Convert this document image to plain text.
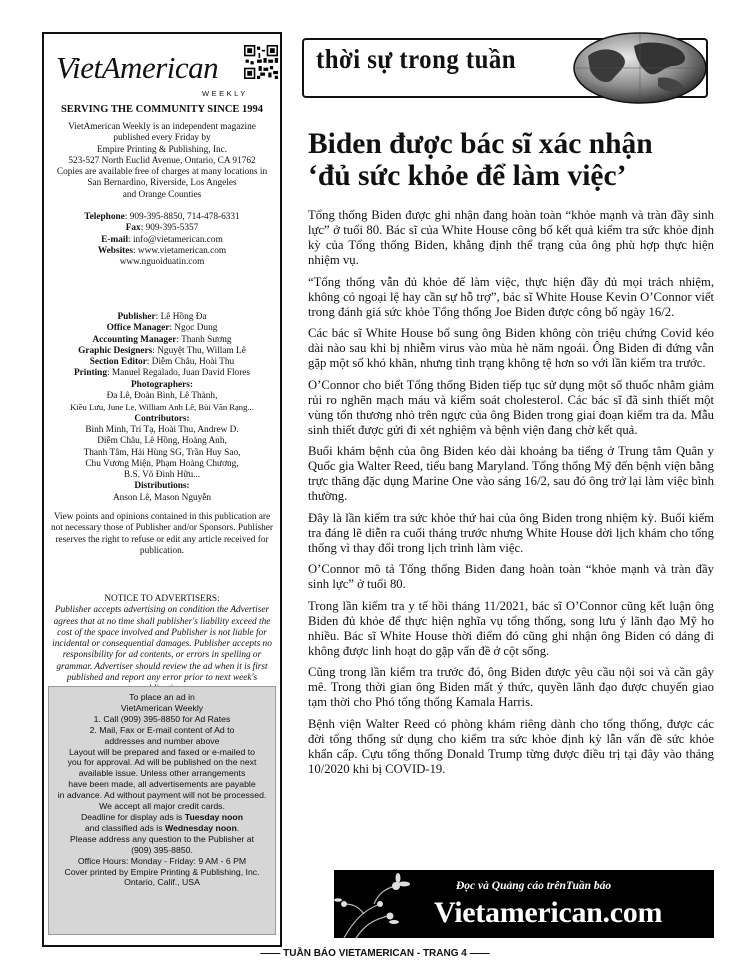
VietAmerican
WEEKLY
SERVING THE COMMUNITY SINCE 1994
VietAmerican Weekly is an independent magazine
published every Friday by
Empire Printing & Publishing, Inc.
523-527 North Euclid Avenue, Ontario, CA 91762
Copies are available free of charges at many locations in
San Bernardino, Riverside, Los Angeles
and Orange Counties
Telephone: 909-395-8850, 714-478-6331
Fax: 909-395-5357
E-mail: info@vietamerican.com
Websites: www.vietamerican.com
www.nguoiduatin.com
Publisher: Lê Hồng Đa
Office Manager: Ngọc Dung
Accounting Manager: Thanh Sương
Graphic Designers: Nguyệt Thu, Willam Lê
Section Editor: Diễm Châu, Hoài Thu
Printing: Manuel Regalado, Juan David Flores
Photographers:
Đa Lê, Đoàn Bình, Lê Thành,
Kiều Lưu, June Le, William Anh Lê, Bùi Văn Rạng...
Contributors:
Bình Minh, Trí Tạ, Hoài Thu, Andrew D.
Diễm Châu, Lê Hồng, Hoàng Anh,
Thanh Tâm, Hải Hùng SG, Trần Huy Sao,
Chu Vương Miện, Phạm Hoàng Chương,
B.S. Võ Đình Hữu...
Distributions:
Anson Lê, Mason Nguyễn
View points and opinions contained in this publication are not necessary those of Publisher and/or Sponsors. Publisher reserves the right to refuse or edit any article received for publication.
NOTICE TO ADVERTISERS:
Publisher accepts advertising on condition the Advertiser agrees that at no time shall publisher's liability exceed the cost of the space involved and Publisher is not liable for incidental or consequential damages. Publisher accepts no responsibility for ad contents, or errors in spelling or grammar. Advertiser should review the ad when it is first published and report any error prior to next week's
To place an ad in
VietAmerican Weekly
1. Call (909) 395-8850 for Ad Rates
2. Mail, Fax or E-mail content of Ad to
addresses and number above
Layout will be prepared and faxed or e-mailed to
you for approval. Ad will be published on the next
available issue. Unless other arrangements
have been made, all advertisements are payable
in advance. Ad without payment will not be processed.
We accept all major credit cards.
Deadline for display ads is Tuesday noon
and classified ads is Wednesday noon.
Please address any question to the Publisher at
(909) 395-8850.
Office Hours: Monday - Friday: 9 AM - 6 PM
Cover printed by Empire Printing & Publishing, Inc.
Ontario, Calif., USA
thời sự trong tuần
Biden được bác sĩ xác nhận
‘đủ sức khỏe để làm việc’

Tổng thống Biden được ghi nhận đang hoàn toàn “khỏe mạnh và tràn đầy sinh lực” ở tuổi 80. Bác sĩ của White House công bố kết quả kiểm tra sức khỏe định kỳ của Tổng thống Biden, khẳng định thể trạng của ông phù hợp thực hiện nhiệm vụ.

“Tổng thống vẫn đủ khỏe để làm việc, thực hiện đầy đủ mọi trách nhiệm, không có ngoại lệ hay cần sự hỗ trợ”, bác sĩ White House Kevin O’Connor viết trong đánh giá sức khỏe Tổng thống Joe Biden được công bố ngày 16/2.

Các bác sĩ White House bổ sung ông Biden không còn triệu chứng Covid kéo dài nào sau khi bị nhiễm virus vào mùa hè năm ngoái. Ông Biden đi đứng vẫn gặp một số khó khăn, nhưng tình trạng không tệ hơn so với lần kiểm tra trước.

O’Connor cho biết Tổng thống Biden tiếp tục sử dụng một số thuốc nhằm giảm rủi ro nghẽn mạch máu và kiểm soát cholesterol. Các bác sĩ đã sinh thiết một vùng tổn thương nhỏ trên ngực của ông Biden trong giai đoạn kiểm tra da. Mẫu sinh thiết được gửi đi xét nghiệm và bệnh viện đang chờ kết quả.

Buổi khám bệnh của ông Biden kéo dài khoảng ba tiếng ở Trung tâm Quân y Quốc gia Walter Reed, tiểu bang Maryland. Tổng thống Mỹ đến bệnh viện bằng trực thăng đặc dụng Marine One vào sáng 16/2, sau đó ông trở lại làm việc bình thường.

Đây là lần kiểm tra sức khỏe thứ hai của ông Biden trong nhiệm kỳ. Buổi kiểm tra đáng lẽ diễn ra cuối tháng trước nhưng White House dời lịch khám cho tổng thống vì thay đổi trong lịch trình làm việc.

O’Connor mô tả Tổng thống Biden đang hoàn toàn “khỏe mạnh và tràn đầy sinh lực” ở tuổi 80.

Trong lần kiểm tra y tế hồi tháng 11/2021, bác sĩ O’Connor cũng kết luận ông Biden đủ khỏe để thực hiện nghĩa vụ tổng thống, song lưu ý lãnh đạo Mỹ ho nhiều. Bác sĩ White House thời điểm đó cũng ghi nhận ông Biden có dáng đi không được linh hoạt do gặp vấn đề ở cột sống.

Cũng trong lần kiểm tra trước đó, ông Biden được yêu cầu nội soi và cần gây mê. Trong thời gian ông Biden mất ý thức, quyền lãnh đạo được chuyển giao tạm thời cho Phó tổng thống Kamala Harris.

Bệnh viện Walter Reed có phòng khám riêng dành cho tổng thống, được các đời tổng thống sử dụng cho kiểm tra sức khỏe định kỳ lẫn vấn đề sức khỏe khẩn cấp. Cựu tổng thống Donald Trump từng được điều trị tại đây vào tháng 10/2020 khi bị COVID-19.

Đọc và Quảng cáo trênTuần báo
Vietamerican.com
—— TUẦN BÁO VIETAMERICAN - TRANG 4 ——
